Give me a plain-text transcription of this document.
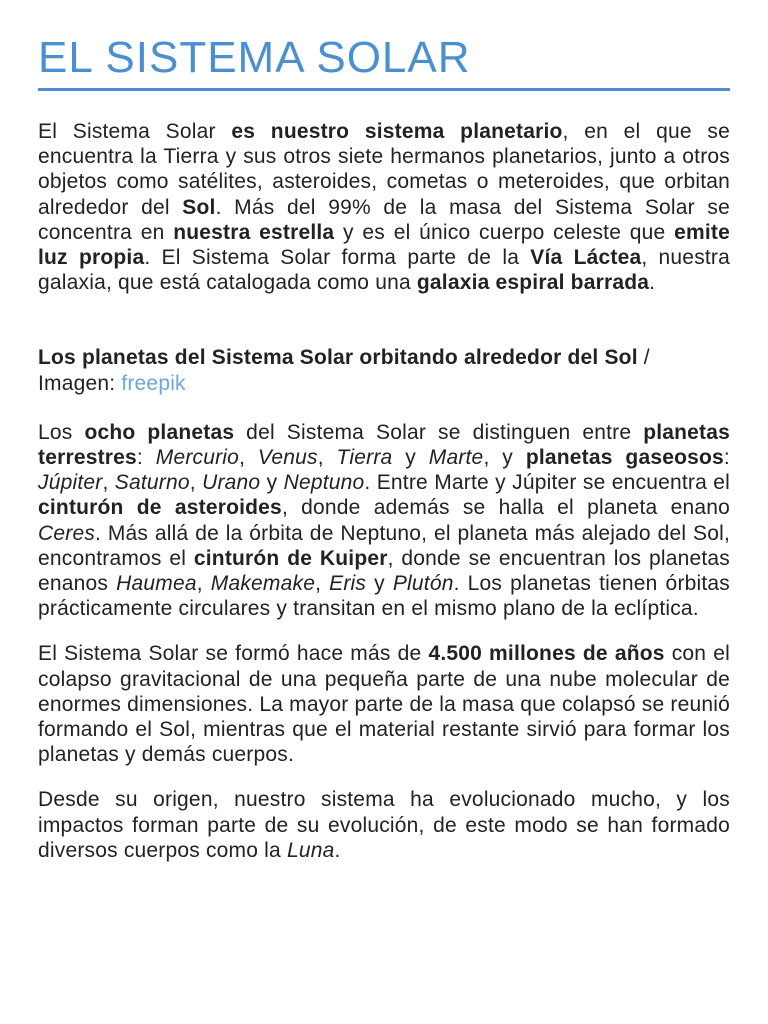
EL SISTEMA SOLAR

El Sistema Solar es nuestro sistema planetario, en el que se encuentra la Tierra y sus otros siete hermanos planetarios, junto a otros objetos como satélites, asteroides, cometas o meteroides, que orbitan alrededor del Sol. Más del 99% de la masa del Sistema Solar se concentra en nuestra estrella y es el único cuerpo celeste que emite luz propia. El Sistema Solar forma parte de la Vía Láctea, nuestra galaxia, que está catalogada como una galaxia espiral barrada.

Los planetas del Sistema Solar orbitando alrededor del Sol / Imagen: freepik

Los ocho planetas del Sistema Solar se distinguen entre planetas terrestres: Mercurio, Venus, Tierra y Marte, y planetas gaseosos: Júpiter, Saturno, Urano y Neptuno. Entre Marte y Júpiter se encuentra el cinturón de asteroides, donde además se halla el planeta enano Ceres. Más allá de la órbita de Neptuno, el planeta más alejado del Sol, encontramos el cinturón de Kuiper, donde se encuentran los planetas enanos Haumea, Makemake, Eris y Plutón. Los planetas tienen órbitas prácticamente circulares y transitan en el mismo plano de la eclíptica.

El Sistema Solar se formó hace más de 4.500 millones de años con el colapso gravitacional de una pequeña parte de una nube molecular de enormes dimensiones. La mayor parte de la masa que colapsó se reunió formando el Sol, mientras que el material restante sirvió para formar los planetas y demás cuerpos.

Desde su origen, nuestro sistema ha evolucionado mucho, y los impactos forman parte de su evolución, de este modo se han formado diversos cuerpos como la Luna.
